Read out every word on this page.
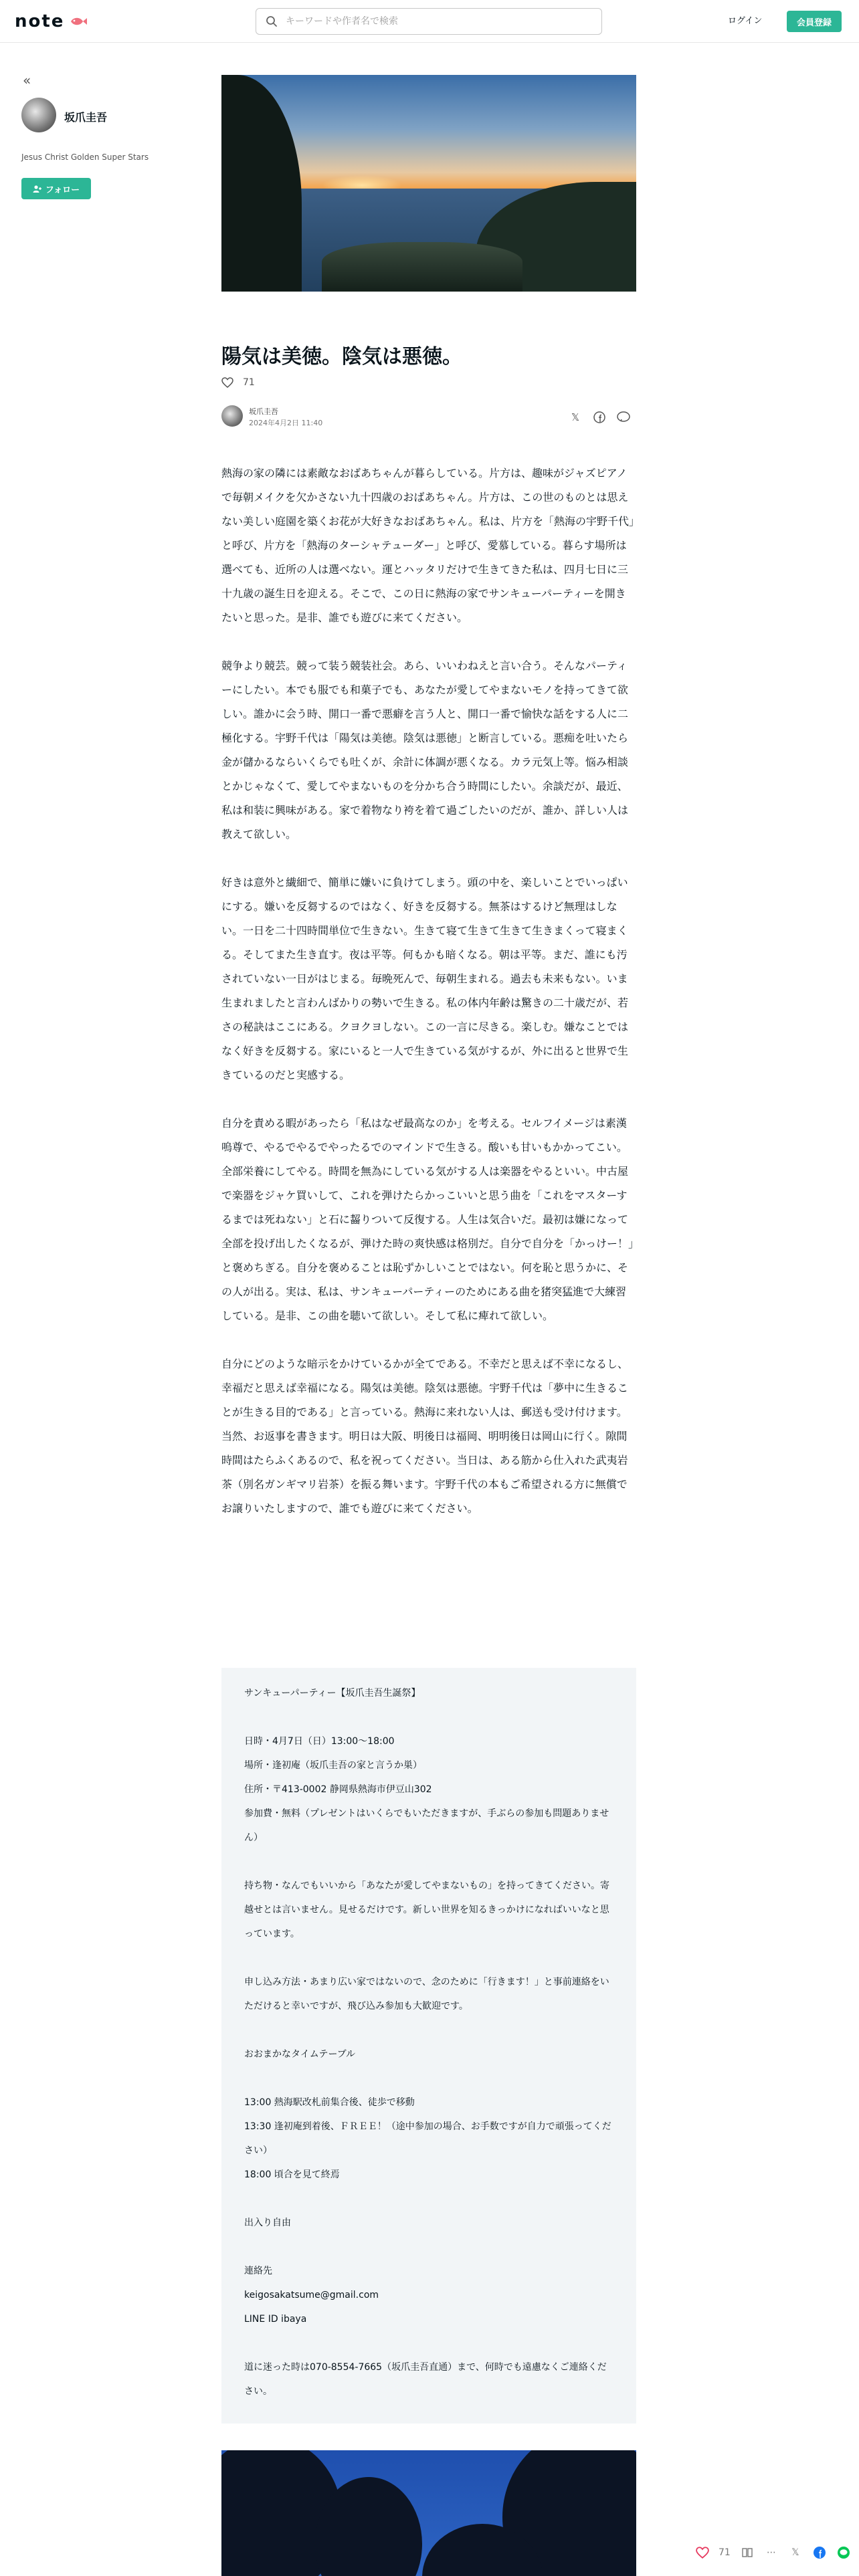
note
キーワードや作者名で検索	ログイン	会員登録
«
坂爪圭吾
Jesus Christ Golden Super Stars
フォロー
陽気は美徳。陰気は悪徳。
71
坂爪圭吾
2024年4月2日 11:40	𝕏

熱海の家の隣には素敵なおばあちゃんが暮らしている。片方は、趣味がジャズピアノで毎朝メイクを欠かさない九十四歳のおばあちゃん。片方は、この世のものとは思えない美しい庭園を築くお花が大好きなおばあちゃん。私は、片方を「熱海の宇野千代」と呼び、片方を「熱海のターシャテューダー」と呼び、愛慕している。暮らす場所は選べても、近所の人は選べない。運とハッタリだけで生きてきた私は、四月七日に三十九歳の誕生日を迎える。そこで、この日に熱海の家でサンキューパーティーを開きたいと思った。是非、誰でも遊びに来てください。

競争より競芸。競って装う競装社会。あら、いいわねえと言い合う。そんなパーティーにしたい。本でも服でも和菓子でも、あなたが愛してやまないモノを持ってきて欲しい。誰かに会う時、開口一番で悪癖を言う人と、開口一番で愉快な話をする人に二極化する。宇野千代は「陽気は美徳。陰気は悪徳」と断言している。悪痴を吐いたら金が儲かるならいくらでも吐くが、余計に体調が悪くなる。カラ元気上等。悩み相談とかじゃなくて、愛してやまないものを分かち合う時間にしたい。余談だが、最近、私は和装に興味がある。家で着物なり袴を着て過ごしたいのだが、誰か、詳しい人は教えて欲しい。

好きは意外と繊細で、簡単に嫌いに負けてしまう。頭の中を、楽しいことでいっぱいにする。嫌いを反芻するのではなく、好きを反芻する。無茶はするけど無理はしない。一日を二十四時間単位で生きない。生きて寝て生きて生きて生きまくって寝まくる。そしてまた生き直す。夜は平等。何もかも暗くなる。朝は平等。まだ、誰にも汚されていない一日がはじまる。毎晩死んで、毎朝生まれる。過去も未来もない。いま生まれましたと言わんばかりの勢いで生きる。私の体内年齢は驚きの二十歳だが、若さの秘訣はここにある。クヨクヨしない。この一言に尽きる。楽しむ。嫌なことではなく好きを反芻する。家にいると一人で生きている気がするが、外に出ると世界で生きているのだと実感する。

自分を責める暇があったら「私はなぜ最高なのか」を考える。セルフイメージは素漢嗚尊で、やるでやるでやったるでのマインドで生きる。酸いも甘いもかかってこい。全部栄養にしてやる。時間を無為にしている気がする人は楽器をやるといい。中古屋で楽器をジャケ買いして、これを弾けたらかっこいいと思う曲を「これをマスターするまでは死ねない」と石に齧りついて反復する。人生は気合いだ。最初は嫌になって全部を投げ出したくなるが、弾けた時の爽快感は格別だ。自分で自分を「かっけー！」と褒めちぎる。自分を褒めることは恥ずかしいことではない。何を恥と思うかに、その人が出る。実は、私は、サンキューパーティーのためにある曲を猪突猛進で大練習している。是非、この曲を聴いて欲しい。そして私に痺れて欲しい。

自分にどのような暗示をかけているかが全てである。不幸だと思えば不幸になるし、幸福だと思えば幸福になる。陽気は美徳。陰気は悪徳。宇野千代は「夢中に生きることが生きる目的である」と言っている。熱海に来れない人は、郵送も受け付けます。当然、お返事を書きます。明日は大阪、明後日は福岡、明明後日は岡山に行く。隙間時間はたらふくあるので、私を祝ってください。当日は、ある筋から仕入れた武夷岩茶（別名ガンギマリ岩茶）を振る舞います。宇野千代の本もご希望される方に無償でお譲りいたしますので、誰でも遊びに来てください。

サンキューパーティー【坂爪圭吾生誕祭】
日時・4月7日（日）13:00〜18:00
場所・逢初庵（坂爪圭吾の家と言うか巣）
住所・〒413-0002 静岡県熱海市伊豆山302
参加費・無料（プレゼントはいくらでもいただきますが、手ぶらの参加も問題ありません）
持ち物・なんでもいいから「あなたが愛してやまないもの」を持ってきてください。寄越せとは言いません。見せるだけです。新しい世界を知るきっかけになればいいなと思っています。
申し込み方法・あまり広い家ではないので、念のために「行きます！」と事前連絡をいただけると幸いですが、飛び込み参加も大歓迎です。
おおまかなタイムテーブル
13:00 熱海駅改札前集合後、徒歩で移動
13:30 逢初庵到着後、ＦＲＥＥ！（途中参加の場合、お手数ですが自力で頑張ってください）
18:00 頃合を見て終焉
出入り自由
連絡先
keigosakatsume@gmail.com
LINE ID ibaya
道に迷った時は070-8554-7665（坂爪圭吾直通）まで、何時でも遠慮なくご連絡ください。
71	⋯	𝕏
